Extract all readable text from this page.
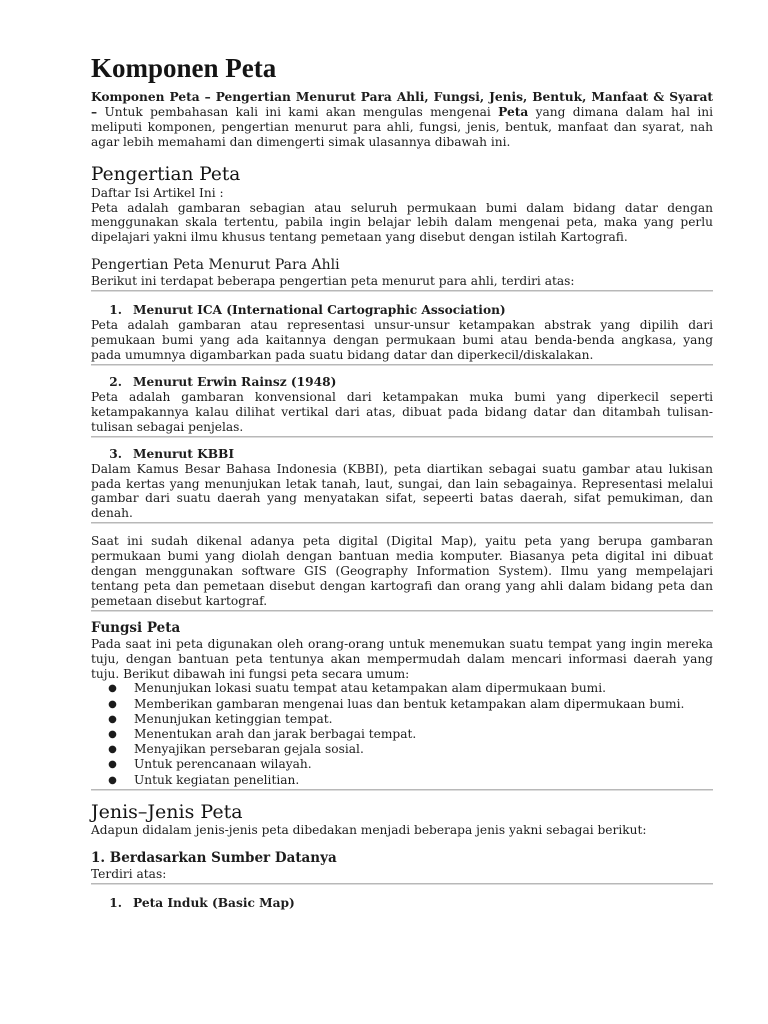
Komponen Peta

Komponen Peta – Pengertian Menurut Para Ahli, Fungsi, Jenis, Bentuk, Manfaat & Syarat – Untuk pembahasan kali ini kami akan mengulas mengenai Peta yang dimana dalam hal ini meliputi komponen, pengertian menurut para ahli, fungsi, jenis, bentuk, manfaat dan syarat, nah agar lebih memahami dan dimengerti simak ulasannya dibawah ini.

Pengertian Peta

Daftar Isi Artikel Ini :

Peta adalah gambaran sebagian atau seluruh permukaan bumi dalam bidang datar dengan menggunakan skala tertentu, pabila ingin belajar lebih dalam mengenai peta, maka yang perlu dipelajari yakni ilmu khusus tentang pemetaan yang disebut dengan istilah Kartografi.

Pengertian Peta Menurut Para Ahli

Berikut ini terdapat beberapa pengertian peta menurut para ahli, terdiri atas:

1. Menurut ICA (International Cartographic Association)

Peta adalah gambaran atau representasi unsur-unsur ketampakan abstrak yang dipilih dari pemukaan bumi yang ada kaitannya dengan permukaan bumi atau benda-benda angkasa, yang pada umumnya digambarkan pada suatu bidang datar dan diperkecil/diskalakan.

2. Menurut Erwin Rainsz (1948)

Peta adalah gambaran konvensional dari ketampakan muka bumi yang diperkecil seperti ketampakannya kalau dilihat vertikal dari atas, dibuat pada bidang datar dan ditambah tulisan-tulisan sebagai penjelas.

3. Menurut KBBI

Dalam Kamus Besar Bahasa Indonesia (KBBI), peta diartikan sebagai suatu gambar atau lukisan pada kertas yang menunjukan letak tanah, laut, sungai, dan lain sebagainya. Representasi melalui gambar dari suatu daerah yang menyatakan sifat, sepeerti batas daerah, sifat pemukiman, dan denah.

Saat ini sudah dikenal adanya peta digital (Digital Map), yaitu peta yang berupa gambaran permukaan bumi yang diolah dengan bantuan media komputer. Biasanya peta digital ini dibuat dengan menggunakan software GIS (Geography Information System). Ilmu yang mempelajari tentang peta dan pemetaan disebut dengan kartografi dan orang yang ahli dalam bidang peta dan pemetaan disebut kartograf.

Fungsi Peta

Pada saat ini peta digunakan oleh orang-orang untuk menemukan suatu tempat yang ingin mereka tuju, dengan bantuan peta tentunya akan mempermudah dalam mencari informasi daerah yang tuju. Berikut dibawah ini fungsi peta secara umum:

●	Menunjukan lokasi suatu tempat atau ketampakan alam dipermukaan bumi.
●	Memberikan gambaran mengenai luas dan bentuk ketampakan alam dipermukaan bumi.
●	Menunjukan ketinggian tempat.
●	Menentukan arah dan jarak berbagai tempat.
●	Menyajikan persebaran gejala sosial.
●	Untuk perencanaan wilayah.
●	Untuk kegiatan penelitian.
Jenis–Jenis Peta

Adapun didalam jenis-jenis peta dibedakan menjadi beberapa jenis yakni sebagai berikut:

1. Berdasarkan Sumber Datanya

Terdiri atas:

1. Peta Induk (Basic Map)
